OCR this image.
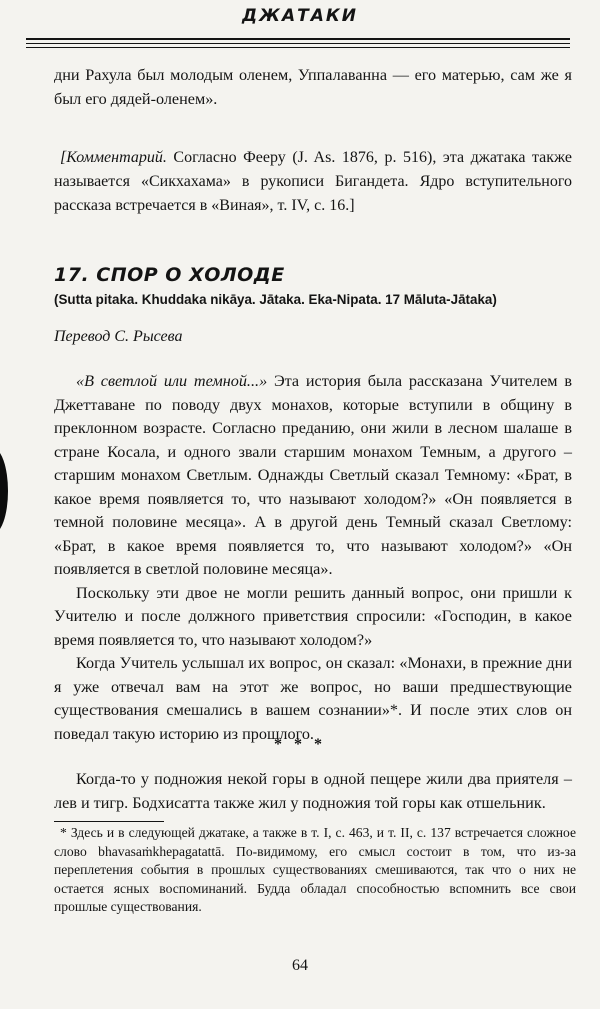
ДЖАТАКИ

дни Рахула был молодым оленем, Уппалаванна — его матерью, сам же я был его дядей-оленем».

[Комментарий. Согласно Фееру (J. As. 1876, p. 516), эта джатака также называется «Сикхахама» в рукописи Бигандета. Ядро вступительного рассказа встречается в «Виная», т. IV, с. 16.]

17. СПОР О ХОЛОДЕ
(Sutta pitaka. Khuddaka nikāya. Jātaka. Eka-Nipata. 17 Māluta-Jātaka)
Перевод С. Рысева

«В светлой или темной...» Эта история была рассказана Учителем в Джеттаване по поводу двух монахов, которые вступили в общину в преклонном возрасте. Согласно преданию, они жили в лесном шалаше в стране Косала, и одного звали старшим монахом Темным, а другого – старшим монахом Светлым. Однажды Светлый сказал Темному: «Брат, в какое время появляется то, что называют холодом?» «Он появляется в темной половине месяца». А в другой день Темный сказал Светлому: «Брат, в какое время появляется то, что называют холодом?» «Он появляется в светлой половине месяца».

Поскольку эти двое не могли решить данный вопрос, они пришли к Учителю и после должного приветствия спросили: «Господин, в какое время появляется то, что называют холодом?»

Когда Учитель услышал их вопрос, он сказал: «Монахи, в прежние дни я уже отвечал вам на этот же вопрос, но ваши предшествующие существования смешались в вашем сознании»*. И после этих слов он поведал такую историю из прошлого.

* * *

Когда-то у подножия некой горы в одной пещере жили два приятеля – лев и тигр. Бодхисатта также жил у подножия той горы как отшельник.

* Здесь и в следующей джатаке, а также в т. I, с. 463, и т. II, с. 137 встречается сложное слово bhavasaṁkhepagatattā. По-видимому, его смысл состоит в том, что из-за переплетения события в прошлых существованиях смешиваются, так что о них не остается ясных воспоминаний. Будда обладал способностью вспомнить все свои прошлые существования.

64
